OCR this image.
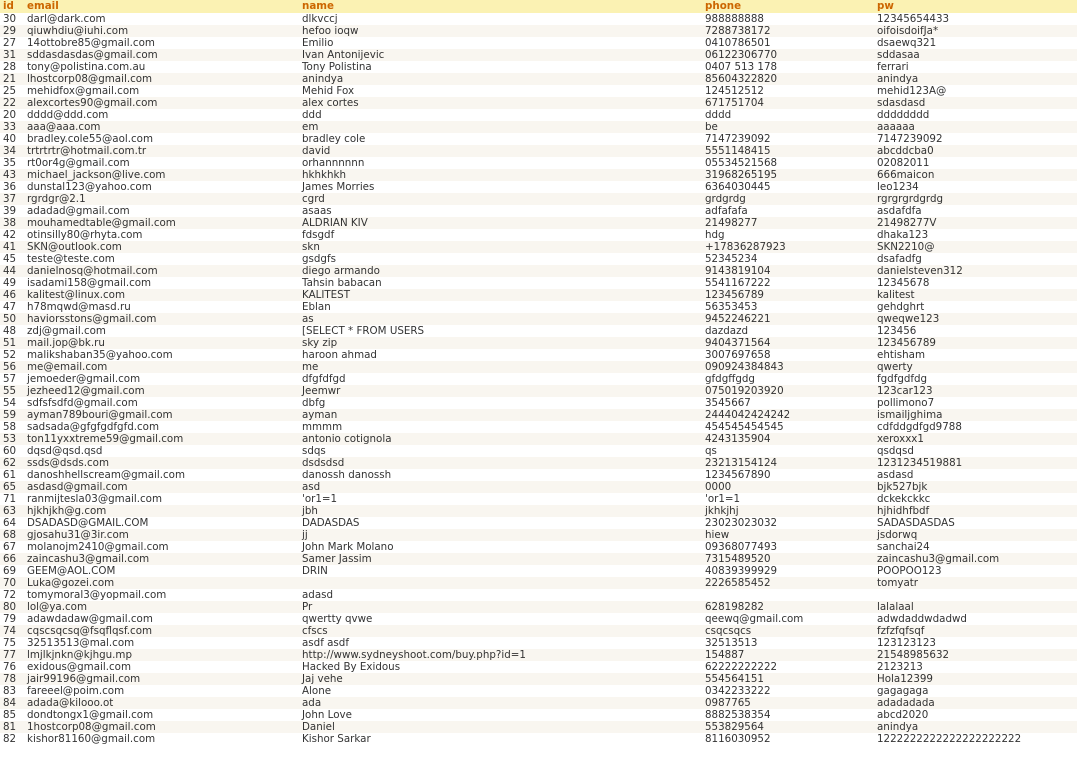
id	email	name	phone	pw
30	darl@dark.com	dlkvccj	988888888	12345654433
29	qiuwhdiu@iuhi.com	hefoo ioqw	7288738172	oifoisdoifJa*
27	14ottobre85@gmail.com	Emilio	0410786501	dsaewq321
31	sddasdasdas@gmail.com	Ivan Antonijevic	06122306770	sddasaa
28	tony@polistina.com.au	Tony Polistina	0407 513 178	ferrari
21	lhostcorp08@gmail.com	anindya	85604322820	anindya
25	mehidfox@gmail.com	Mehid Fox	124512512	mehid123A@
22	alexcortes90@gmail.com	alex cortes	671751704	sdasdasd
20	dddd@ddd.com	ddd	dddd	dddddddd
33	aaa@aaa.com	em	be	aaaaaa
40	bradley.cole55@aol.com	bradley cole	7147239092	7147239092
34	trtrtrtr@hotmail.com.tr	david	5551148415	abcddcba0
35	rt0or4g@gmail.com	orhannnnnn	05534521568	02082011
43	michael_jackson@live.com	hkhkhkh	31968265195	666maicon
36	dunstal123@yahoo.com	James Morries	6364030445	leo1234
37	rgrdgr@2.1	cgrd	grdgrdg	rgrgrgrdgrdg
39	adadad@gmail.com	asaas	adfafafa	asdafdfa
38	mouhamedtable@gmail.com	ALDRIAN KIV	21498277	21498277V
42	otinsilly80@rhyta.com	fdsgdf	hdg	dhaka123
41	SKN@outlook.com	skn	+17836287923	SKN2210@
45	teste@teste.com	gsdgfs	52345234	dsafadfg
44	danielnosq@hotmail.com	diego armando	9143819104	danielsteven312
49	isadami158@gmail.com	Tahsin babacan	5541167222	12345678
46	kalitest@linux.com	KALITEST	123456789	kalitest
47	h78mqwd@masd.ru	Eblan	56353453	gehdghrt
50	haviorsstons@gmail.com	as	9452246221	qweqwe123
48	zdj@gmail.com	[SELECT * FROM USERS	dazdazd	123456
51	mail.jop@bk.ru	sky zip	9404371564	123456789
52	malikshaban35@yahoo.com	haroon ahmad	3007697658	ehtisham
56	me@email.com	me	090924384843	qwerty
57	jemoeder@gmail.com	dfgfdfgd	gfdgffgdg	fgdfgdfdg
55	jezheed12@gmail.com	Jeemwr	075019203920	123car123
54	sdfsfsdfd@gmail.com	dbfg	3545667	pollimono7
59	ayman789bouri@gmail.com	ayman	2444042424242	ismailjghima
58	sadsada@gfgfgdfgfd.com	mmmm	454545454545	cdfddgdfgd9788
53	ton11yxxtreme59@gmail.com	antonio cotignola	4243135904	xeroxxx1
60	dqsd@qsd.qsd	sdqs	qs	qsdqsd
62	ssds@dsds.com	dsdsdsd	23213154124	1231234519881
61	danoshhellscream@gmail.com	danossh danossh	1234567890	asdasd
65	asdasd@gmail.com	asd	0000	bjk527bjk
71	ranmijtesla03@gmail.com	'or1=1	'or1=1	dckekckkc
63	hjkhjkh@g.com	jbh	jkhkjhj	hjhidhfbdf
64	DSADASD@GMAIL.COM	DADASDAS	23023023032	SADASDASDAS
68	gjosahu31@3ir.com	jj	hiew	jsdorwq
67	molanojm2410@gmail.com	John Mark Molano	09368077493	sanchai24
66	zaincashu3@gmail.com	Samer Jassim	7315489520	zaincashu3@gmail.com
69	GEEM@AOL.COM	DRIN	40839399929	POOPOO123
70	Luka@gozei.com		2226585452	tomyatr
72	tomymoral3@yopmail.com	adasd		
80	lol@ya.com	Pr	628198282	lalalaal
79	adawdadaw@gmail.com	qwertty qvwe	qeewq@gmail.com	adwdaddwdadwd
74	cqscsqcsq@fsqflqsf.com	cfscs	csqcsqcs	fzfzfqfsqf
75	32513513@mal.com	asdf asdf	32513513	123123123
77	lmjlkjnkn@kjhgu.mp	http://www.sydneyshoot.com/buy.php?id=1	154887	21548985632
76	exidous@gmail.com	Hacked By Exidous	62222222222	2123213
78	jair99196@gmail.com	Jaj vehe	554564151	Hola12399
83	fareeel@poim.com	Alone	0342233222	gagagaga
84	adada@kilooo.ot	ada	0987765	adadadada
85	dondtongx1@gmail.com	John Love	8882538354	abcd2020
81	1hostcorp08@gmail.com	Daniel	553829564	anindya
82	kishor81160@gmail.com	Kishor Sarkar	8116030952	1222222222222222222222
